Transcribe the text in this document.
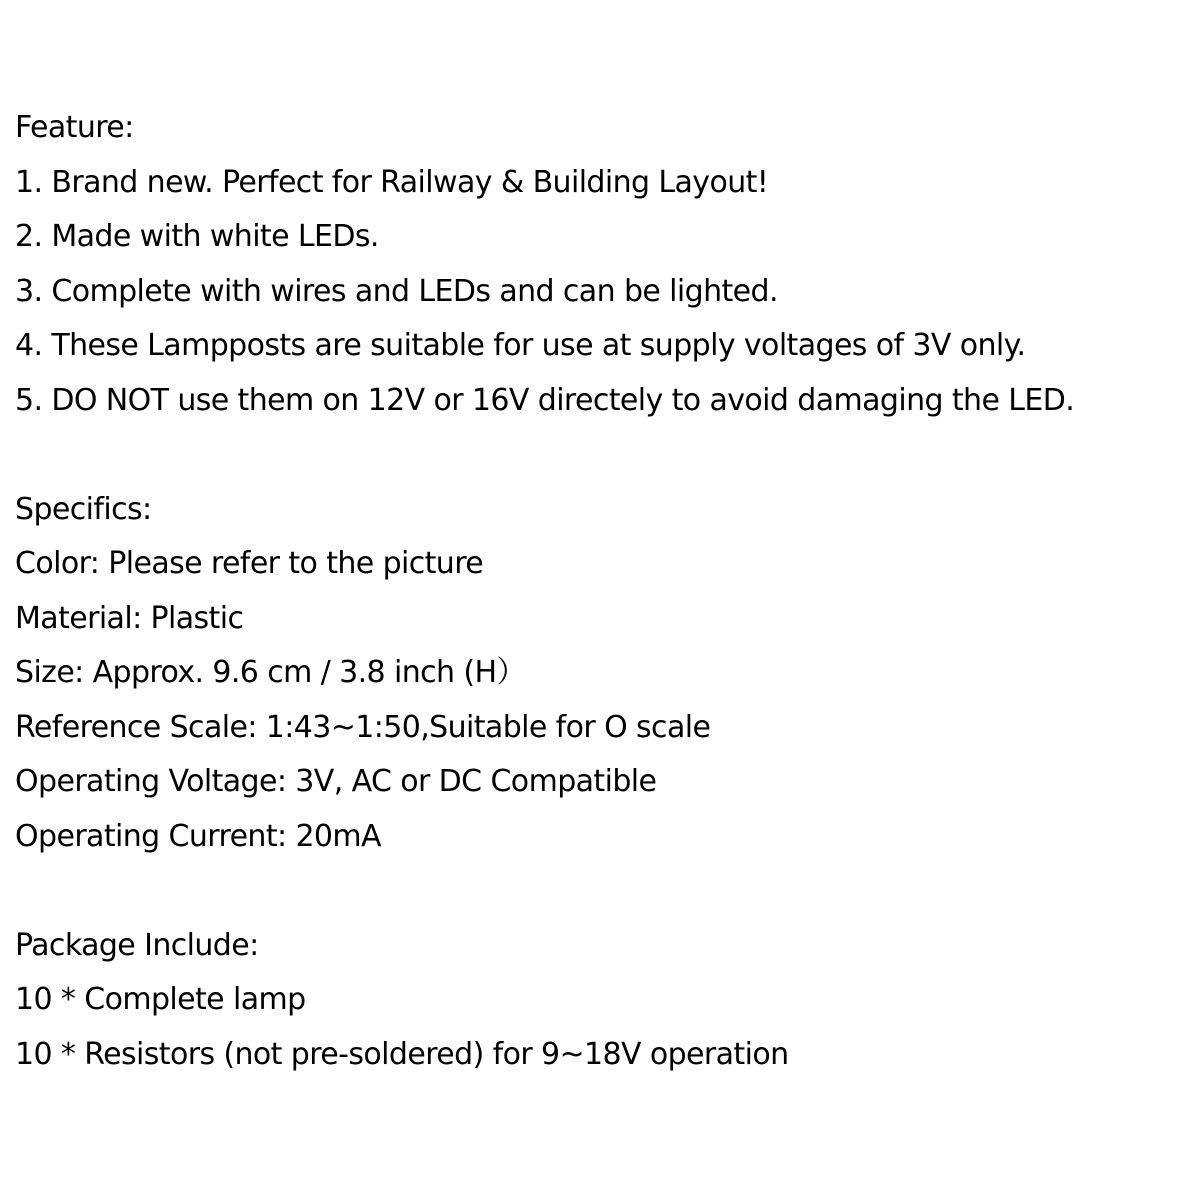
Feature:
1. Brand new. Perfect for Railway & Building Layout!
2. Made with white LEDs.
3. Complete with wires and LEDs and can be lighted.
4. These Lampposts are suitable for use at supply voltages of 3V only.
5. DO NOT use them on 12V or 16V directely to avoid damaging the LED.
Specifics:
Color: Please refer to the picture
Material: Plastic
Size: Approx. 9.6 cm / 3.8 inch (H）
Reference Scale: 1:43~1:50,Suitable for O scale
Operating Voltage: 3V, AC or DC Compatible
Operating Current: 20mA
Package Include:
10 * Complete lamp
10 * Resistors (not pre-soldered) for 9~18V operation
